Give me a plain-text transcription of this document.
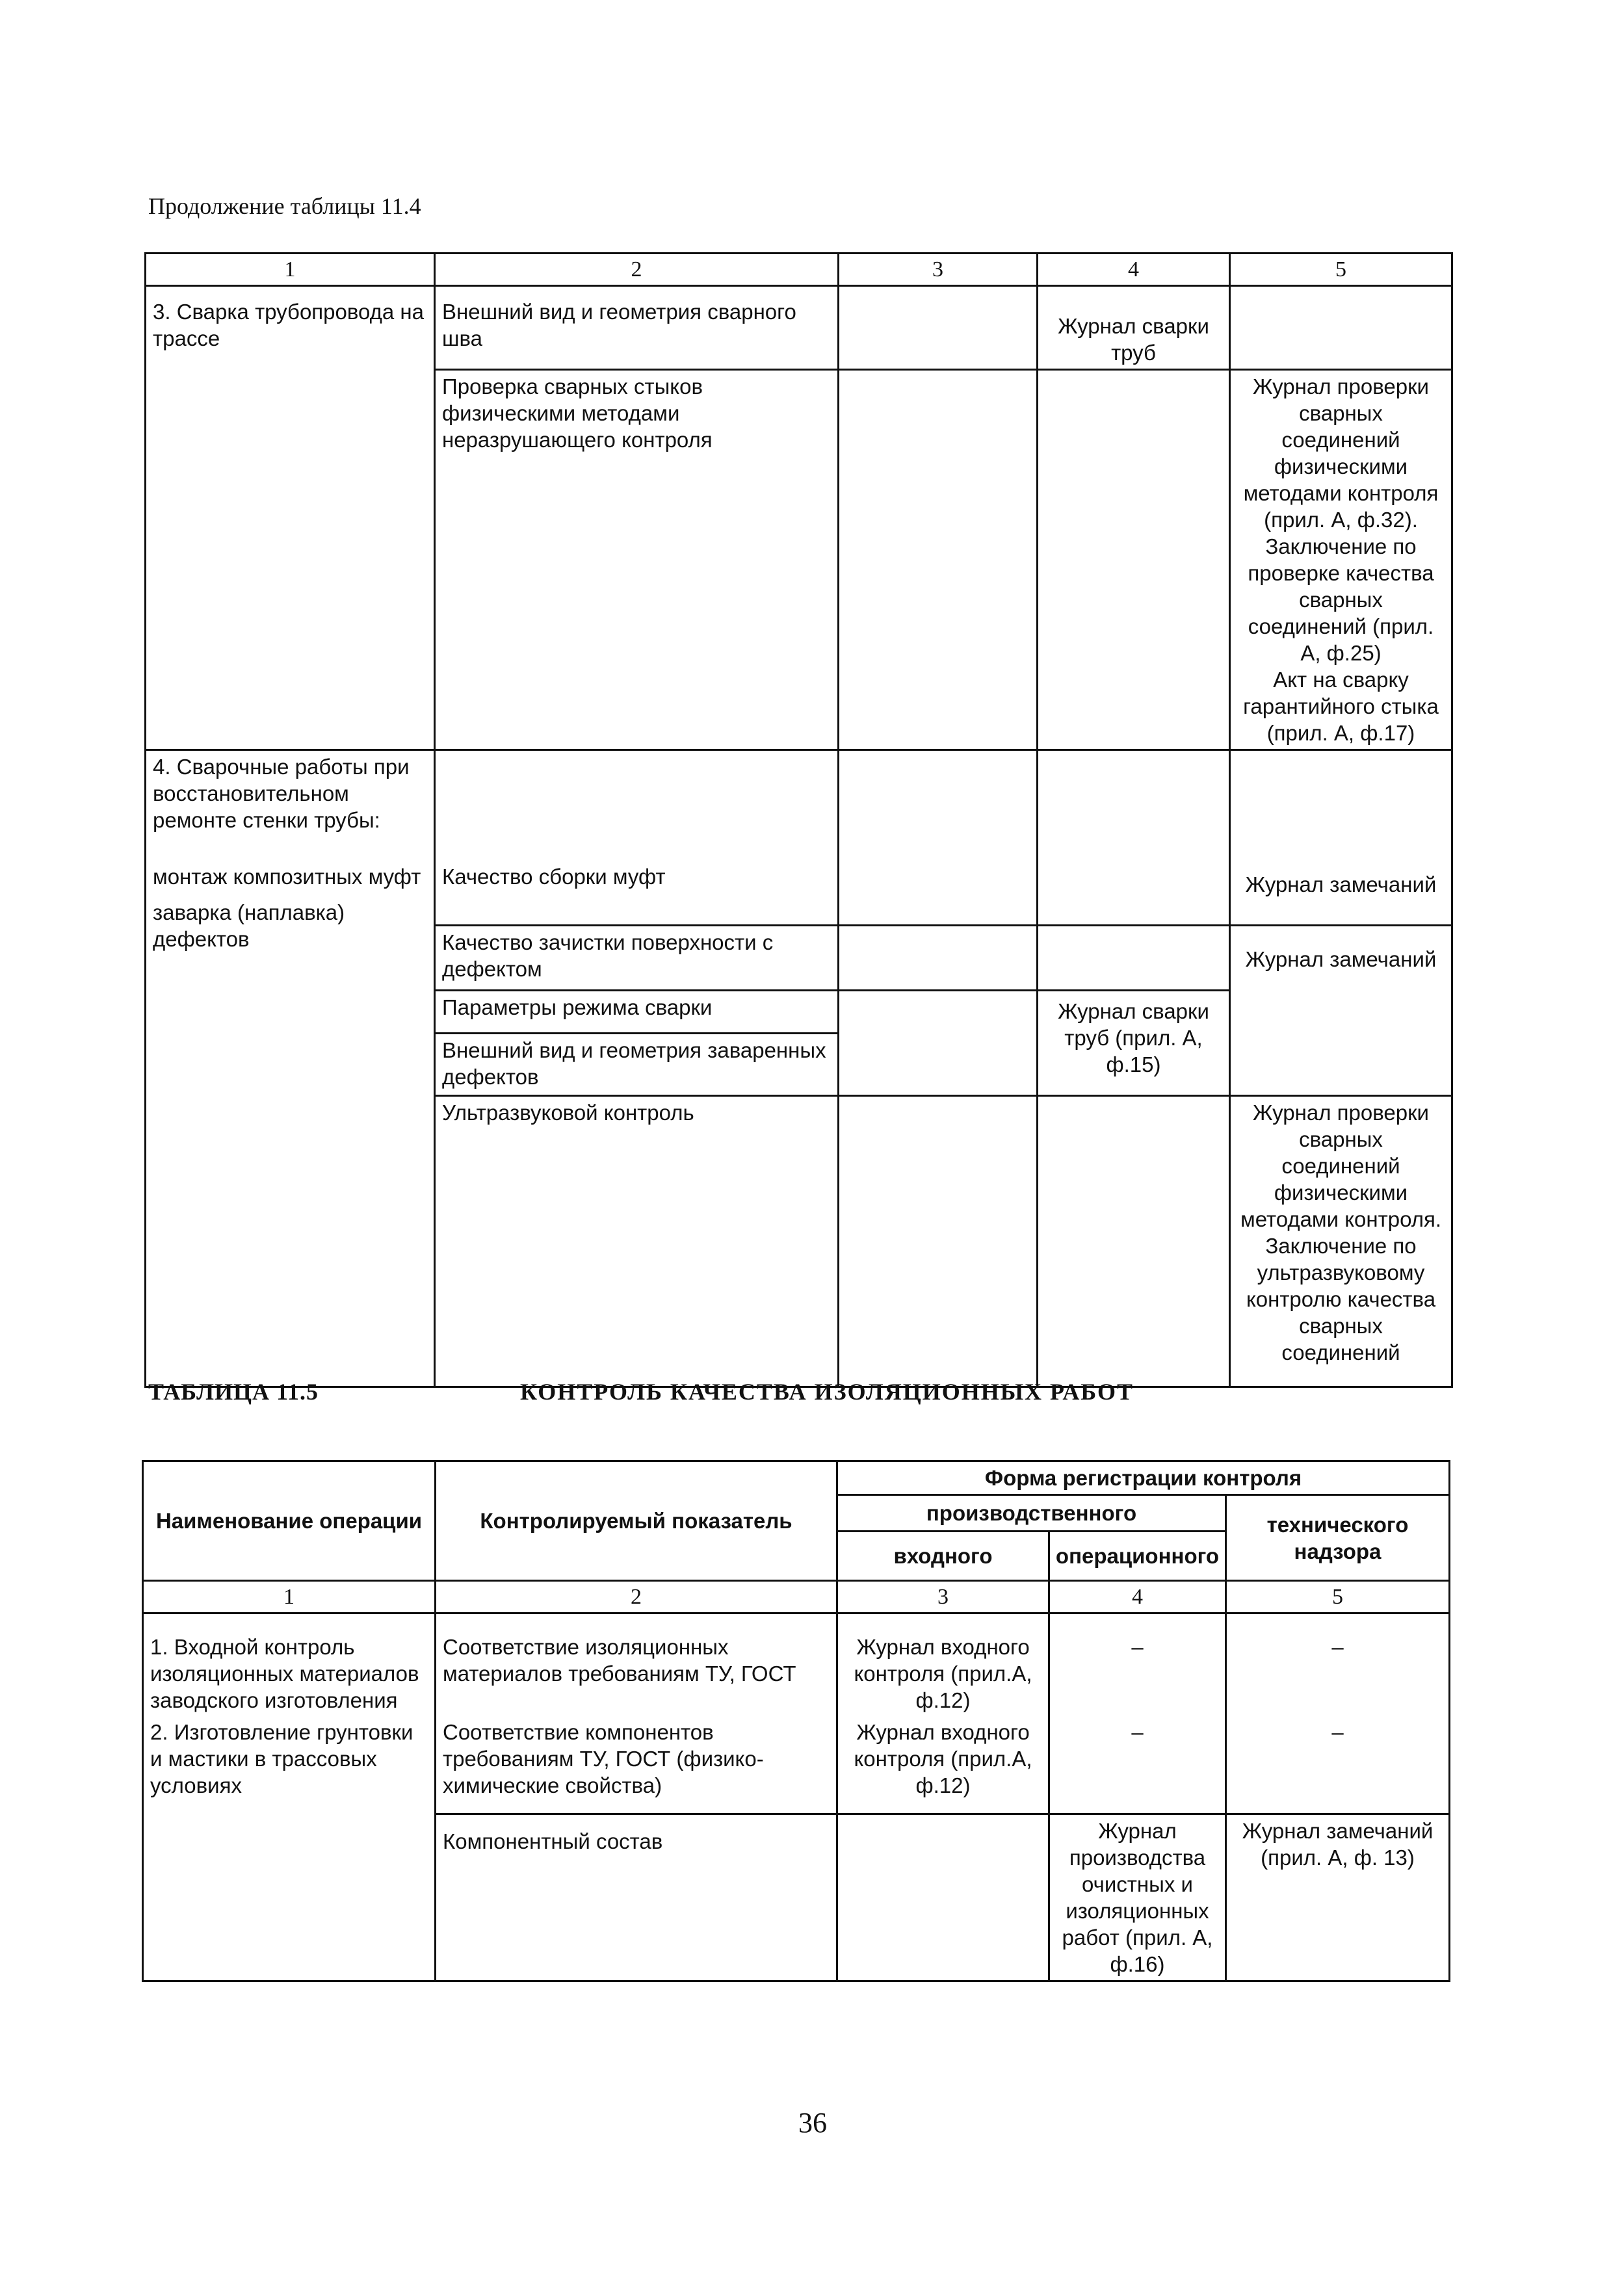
Продолжение таблицы 11.4
1	2	3	4	5
3. Сварка трубопровода на трассе	Внешний вид и геометрия сварного шва		Журнал сварки труб	
	Проверка сварных стыков физическими методами неразрушающего контроля			Журнал проверки сварных соединений физическими методами контроля (прил. А, ф.32).
Заключение по проверке качества сварных соединений (прил. А, ф.25)
Акт на сварку гарантийного стыка (прил. А, ф.17)

4. Сварочные работы при восстановительном ремонте стенки трубы:				

монтаж композитных муфт
заварка (наплавка) дефектов	Качество сборки муфт			Журнал замечаний
	Качество зачистки поверхности с дефектом			Журнал замечаний
	Параметры режима сварки		Журнал сварки труб (прил. А, ф.15)	
	Внешний вид и геометрия заваренных дефектов			
	Ультразвуковой контроль			Журнал проверки сварных соединений физическими методами контроля.
Заключение по ультразвуковому контролю качества сварных соединений
ТАБЛИЦА 11.5	КОНТРОЛЬ КАЧЕСТВА ИЗОЛЯЦИОННЫХ РАБОТ
Наименование операции	Контролируемый показатель	Форма регистрации контроля		
		производственного		технического надзора
		входного	операционного	
1	2	3	4	5
1. Входной контроль изоляционных материалов заводского изготовления	Соответствие изоляционных материалов требованиям ТУ, ГОСТ	Журнал входного контроля (прил.А, ф.12)	–	–
2. Изготовление грунтовки и мастики в трассовых условиях	Соответствие компонентов требованиям ТУ, ГОСТ (физико-химические свойства)	Журнал входного контроля (прил.А, ф.12)	–	–
	Компонентный состав		Журнал производства очистных и изоляционных работ (прил. А, ф.16)	Журнал замечаний (прил. А, ф. 13)
36
